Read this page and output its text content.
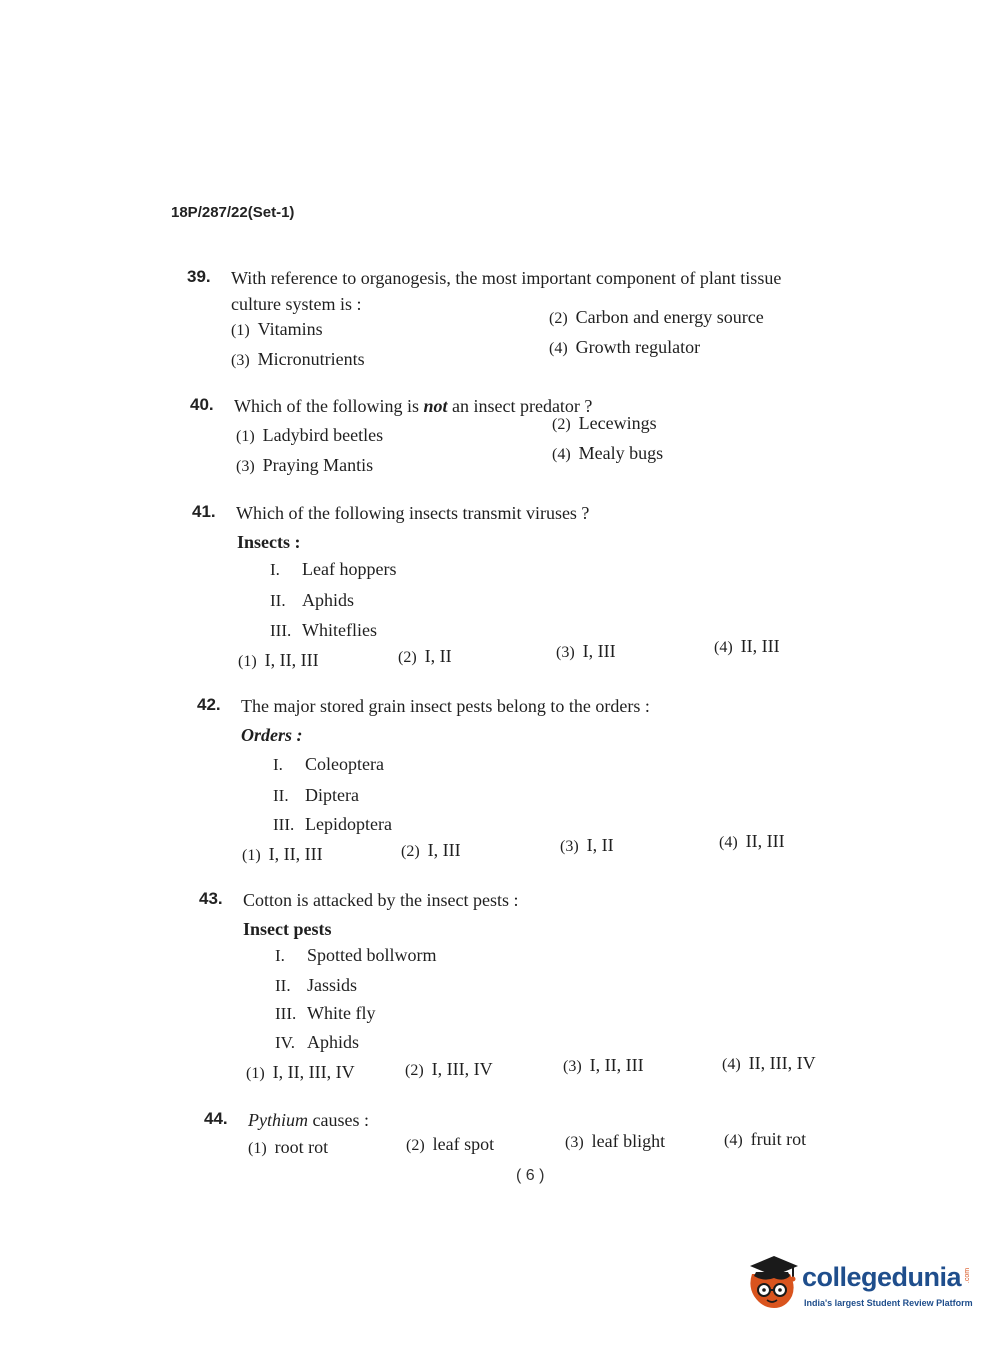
18P/287/22(Set-1)
39. With reference to organogesis, the most important component of plant tissue culture system is :
(1) Vitamins
(2) Carbon and energy source
(3) Micronutrients
(4) Growth regulator
40. Which of the following is not an insect predator ?
(1) Ladybird beetles
(2) Lecewings
(3) Praying Mantis
(4) Mealy bugs
41. Which of the following insects transmit viruses ?
Insects :
I. Leaf hoppers
II. Aphids
III. Whiteflies
(1) I, II, III	(2) I, II	(3) I, III	(4) II, III
42. The major stored grain insect pests belong to the orders :
Orders :
I. Coleoptera
II. Diptera
III. Lepidoptera
(1) I, II, III	(2) I, III	(3) I, II	(4) II, III
43. Cotton is attacked by the insect pests :
Insect pests
I. Spotted bollworm
II. Jassids
III. White fly
IV. Aphids
(1) I, II, III, IV	(2) I, III, IV	(3) I, II, III	(4) II, III, IV
44. Pythium causes :
(1) root rot	(2) leaf spot	(3) leaf blight	(4) fruit rot
( 6 )
collegedunia .com
India's largest Student Review Platform
